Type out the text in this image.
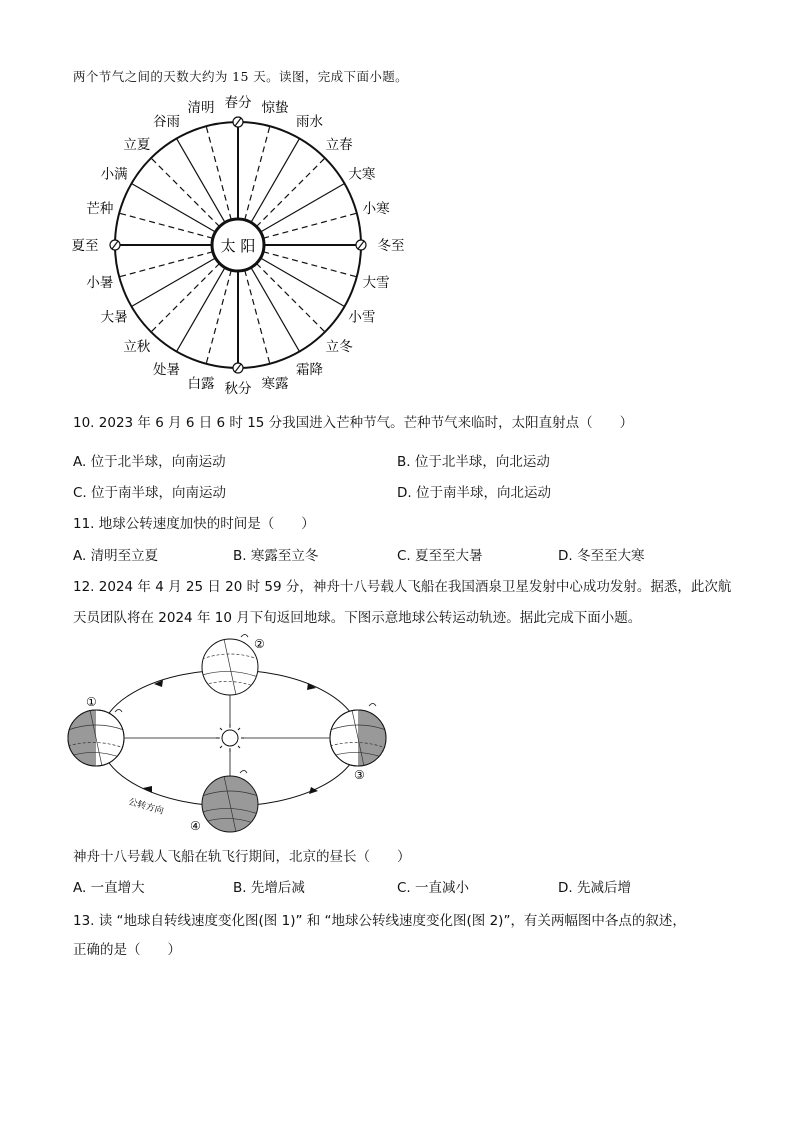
两个节气之间的天数大约为 15 天。读图，完成下面小题。
太 阳	冬至
小寒
大寒
立春
雨水
惊蛰
春分
清明
谷雨
立夏
小满
芒种
夏至
小暑
大暑
立秋
处暑
白露 秋分 寒露
霜降
立冬
小雪
大雪
10. 2023 年 6 月 6 日 6 时 15 分我国进入芒种节气。芒种节气来临时，太阳直射点（　　）
A. 位于北半球，向南运动	B. 位于北半球，向北运动
C. 位于南半球，向南运动	D. 位于南半球，向北运动
11. 地球公转速度加快的时间是（　　）
A. 清明至立夏	B. 寒露至立冬	C. 夏至至大暑	D. 冬至至大寒
12. 2024 年 4 月 25 日 20 时 59 分，神舟十八号载人飞船在我国酒泉卫星发射中心成功发射。据悉，此次航
天员团队将在 2024 年 10 月下旬返回地球。下图示意地球公转运动轨迹。据此完成下面小题。
①
②
③
④
公转方向
神舟十八号载人飞船在轨飞行期间，北京的昼长（　　）
A. 一直增大	B. 先增后减	C. 一直减小	D. 先减后增
13. 读 “地球自转线速度变化图(图 1)” 和 “地球公转线速度变化图(图 2)”，有关两幅图中各点的叙述，
正确的是（　　）
